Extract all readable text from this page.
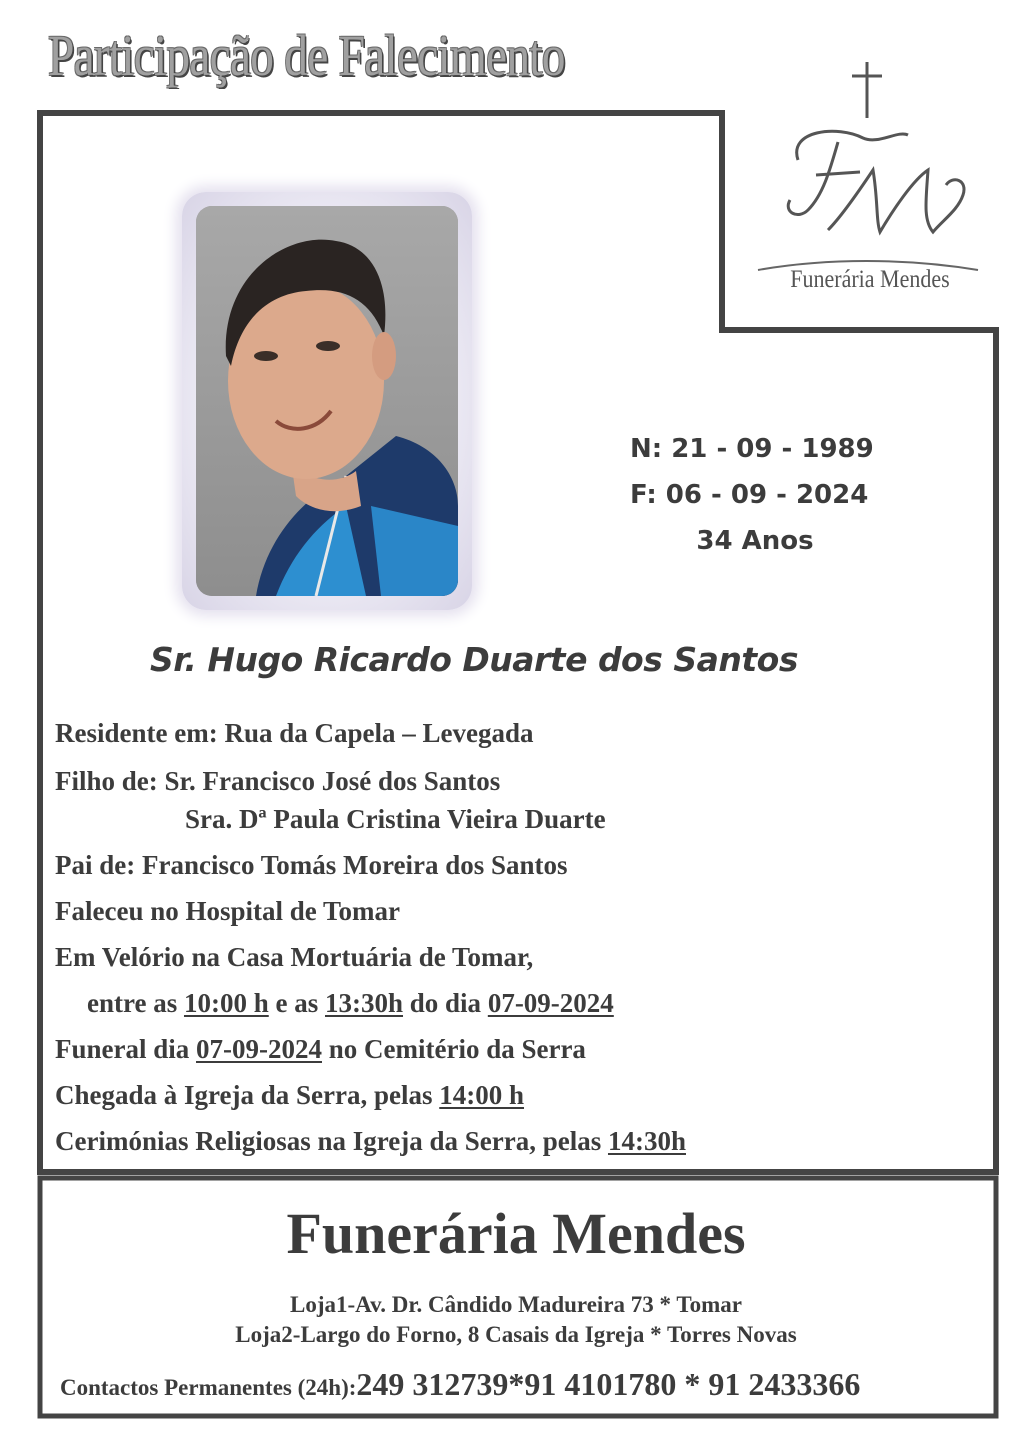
Participação de Falecimento
Funerária Mendes
N: 21 - 09 - 1989
F: 06 - 09 - 2024
34 Anos
Sr. Hugo Ricardo Duarte dos Santos
Residente em: Rua da Capela – Levegada
Filho de: Sr. Francisco José dos Santos
Sra. Dª Paula Cristina Vieira Duarte
Pai de: Francisco Tomás Moreira dos Santos
Faleceu no Hospital de Tomar
Em Velório na Casa Mortuária de Tomar,
entre as 10:00 h e as 13:30h do dia 07-09-2024
Funeral dia 07-09-2024 no Cemitério da Serra
Chegada à Igreja da Serra, pelas 14:00 h
Cerimónias Religiosas na Igreja da Serra, pelas 14:30h
Funerária Mendes
Loja1-Av. Dr. Cândido Madureira 73 * Tomar
Loja2-Largo do Forno, 8 Casais da Igreja * Torres Novas
Contactos Permanentes (24h):249 312739*91 4101780 * 91 2433366
